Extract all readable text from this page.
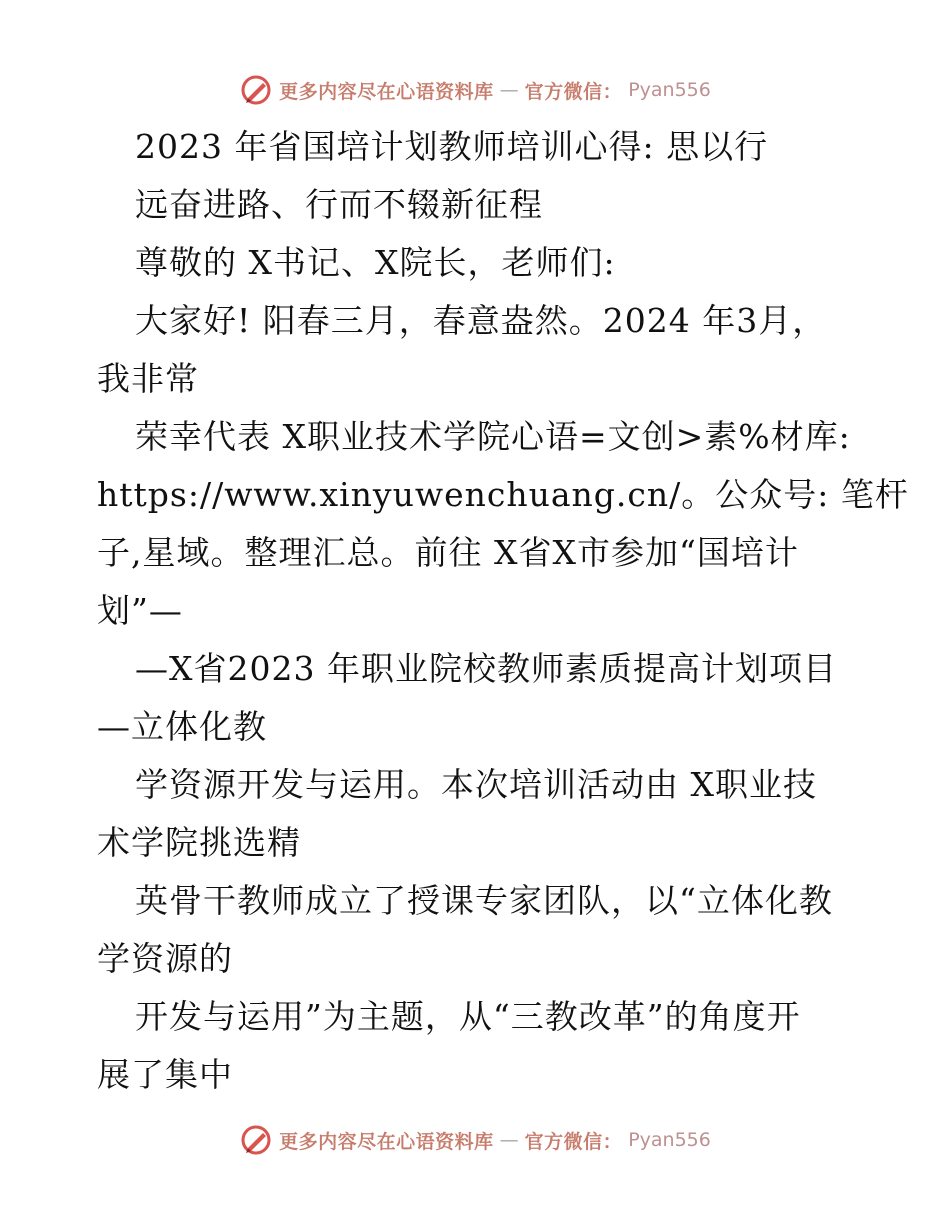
更多内容尽在心语资料库 — 官方微信： Pyan556
2023 年省国培计划教师培训心得: 思以行
远奋进路、行而不辍新征程
尊敬的 X书记、X院长，老师们:
大家好! 阳春三月，春意盎然。2024 年3月，
我非常
荣幸代表 X职业技术学院心语=文创>素%材库:
https://www.xinyuwenchuang.cn/。公众号: 笔杆
子,星域。整理汇总。前往 X省X市参加“国培计
划”—
—X省2023 年职业院校教师素质提高计划项目
—立体化教
学资源开发与运用。本次培训活动由 X职业技
术学院挑选精
英骨干教师成立了授课专家团队，以“立体化教
学资源的
开发与运用”为主题，从“三教改革”的角度开
展了集中
更多内容尽在心语资料库 — 官方微信： Pyan556
